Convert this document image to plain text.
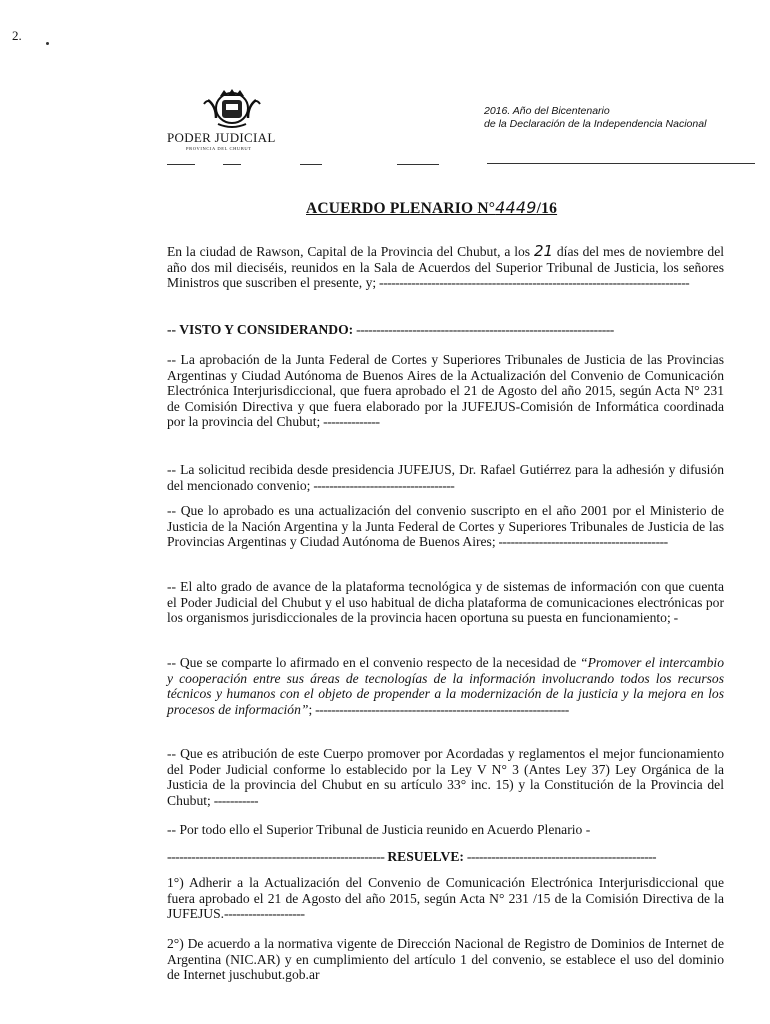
2.
PODER JUDICIAL
PROVINCIA DEL CHUBUT
2016. Año del Bicentenario
de la Declaración de la Independencia Nacional
ACUERDO PLENARIO N°4449/16
En la ciudad de Rawson, Capital de la Provincia del Chubut, a los 21 días del mes de noviembre del año dos mil dieciséis, reunidos en la Sala de Acuerdos del Superior Tribunal de Justicia, los señores Ministros que suscriben el presente, y; -----------------------------------------------------------------------------
-- VISTO Y CONSIDERANDO: ----------------------------------------------------------------
-- La aprobación de la Junta Federal de Cortes y Superiores Tribunales de Justicia de las Provincias Argentinas y Ciudad Autónoma de Buenos Aires de la Actualización del Convenio de Comunicación Electrónica Interjurisdiccional, que fuera aprobado el 21 de Agosto del año 2015, según Acta N° 231 de Comisión Directiva y que fuera elaborado por la JUFEJUS-Comisión de Informática coordinada por la provincia del Chubut; --------------
-- La solicitud recibida desde presidencia JUFEJUS, Dr. Rafael Gutiérrez para la adhesión y difusión del mencionado convenio; -----------------------------------
-- Que lo aprobado es una actualización del convenio suscripto en el año 2001 por el Ministerio de Justicia de la Nación Argentina y la Junta Federal de Cortes y Superiores Tribunales de Justicia de las Provincias Argentinas y Ciudad Autónoma de Buenos Aires; ------------------------------------------
-- El alto grado de avance de la plataforma tecnológica y de sistemas de información con que cuenta el Poder Judicial del Chubut y el uso habitual de dicha plataforma de comunicaciones electrónicas por los organismos jurisdiccionales de la provincia hacen oportuna su puesta en funcionamiento; -
-- Que se comparte lo afirmado en el convenio respecto de la necesidad de “Promover el intercambio y cooperación entre sus áreas de tecnologías de la información involucrando todos los recursos técnicos y humanos con el objeto de propender a la modernización de la justicia y la mejora en los procesos de información”; ---------------------------------------------------------------
-- Que es atribución de este Cuerpo promover por Acordadas y reglamentos el mejor funcionamiento del Poder Judicial conforme lo establecido por la Ley V N° 3 (Antes Ley 37) Ley Orgánica de la Justicia de la provincia del Chubut en su artículo 33° inc. 15) y la Constitución de la Provincia del Chubut; -----------
-- Por todo ello el Superior Tribunal de Justicia reunido en Acuerdo Plenario -
------------------------------------------------------ RESUELVE: -----------------------------------------------
1°) Adherir a la Actualización del Convenio de Comunicación Electrónica Interjurisdiccional que fuera aprobado el 21 de Agosto del año 2015, según Acta N° 231 /15 de la Comisión Directiva de la JUFEJUS.--------------------
2°) De acuerdo a la normativa vigente de Dirección Nacional de Registro de Dominios de Internet de Argentina (NIC.AR) y en cumplimiento del artículo 1 del convenio, se establece el uso del dominio de Internet juschubut.gob.ar
